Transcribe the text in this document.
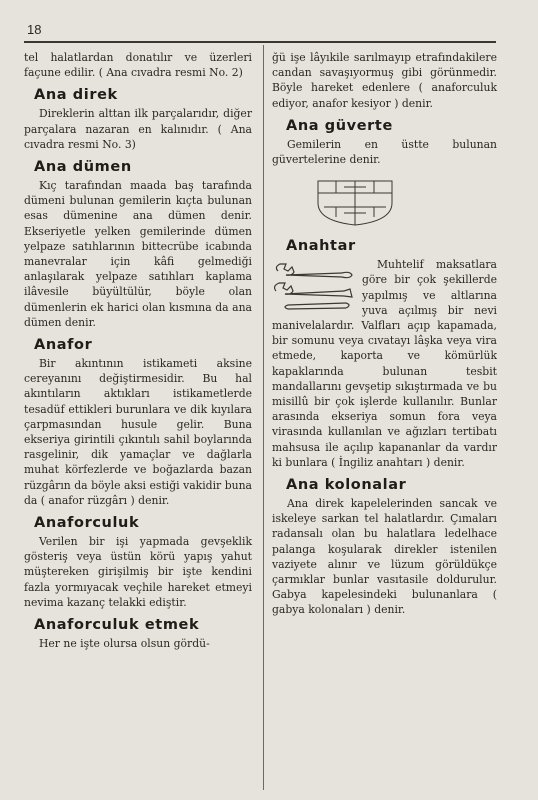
18

tel halatlardan donatılır ve üzerleri façune edilir. ( Ana cıvadra resmi No. 2)

Ana direk

Direklerin alttan ilk parçalarıdır, diğer parçalara nazaran en kalınıdır. ( Ana cıvadra resmi No. 3)

Ana dümen

Kıç tarafından maada baş tarafında dümeni bulunan gemilerin kıçta bulunan esas dümenine ana dümen denir. Ekseriyetle yelken gemilerinde dümen yelpaze satıhlarının bittecrübe icabında manevralar için kâfi gelmediği anlaşılarak yelpaze satıhları kaplama ilâvesile büyültülür, böyle olan dümenlerin ek harici olan kısmına da ana dümen denir.

Anafor

Bir akıntının istikameti aksine cereyanını değiştirmesidir. Bu hal akıntıların aktıkları istikametlerde tesadüf ettikleri burunlara ve dik kıyılara çarpmasından husule gelir. Buna ekseriya girintili çıkıntılı sahil boylarında rasgelinir, dik yamaçlar ve dağlarla muhat körfezlerde ve boğazlarda bazan rüzgârın da böyle aksi estiği vakidir buna da ( anafor rüzgârı ) denir.

Anaforculuk

Verilen bir işi yapmada gevşeklik gösteriş veya üstün körü yapış yahut müştereken girişilmiş bir işte kendini fazla yormıyacak veçhile hareket etmeyi nevima kazanç telakki ediştir.

Anaforculuk etmek

Her ne işte olursa olsun gördü-

ğü işe lâyıkile sarılmayıp etrafındakilere candan savaşıyormuş gibi görünmedir. Böyle hareket edenlere ( anaforculuk ediyor, anafor kesiyor ) denir.

Ana güverte

Gemilerin en üstte bulunan güvertelerine denir.

Anahtar

Muhtelif maksatlara göre bir çok şekillerde yapılmış ve altlarına yuva açılmış bir nevi manivelalardır. Valfları açıp kapamada, bir somunu veya cıvatayı lâşka veya vira etmede, kaporta ve kömürlük kapaklarında bulunan tesbit mandallarını gevşetip sıkıştırmada ve bu misillû bir çok işlerde kullanılır. Bunlar arasında ekseriya somun fora veya virasında kullanılan ve ağızları tertibatı mahsusa ile açılıp kapananlar da vardır ki bunlara ( İngiliz anahtarı ) denir.

Ana kolonalar

Ana direk kapelelerinden sancak ve iskeleye sarkan tel halatlardır. Çımaları radansalı olan bu halatlara ledelhace palanga koşularak direkler istenilen vaziyete alınır ve lüzum görüldükçe çarmıklar bunlar vasıtasile doldurulur. Gabya kapelesindeki bulunanlara ( gabya kolonaları ) denir.
